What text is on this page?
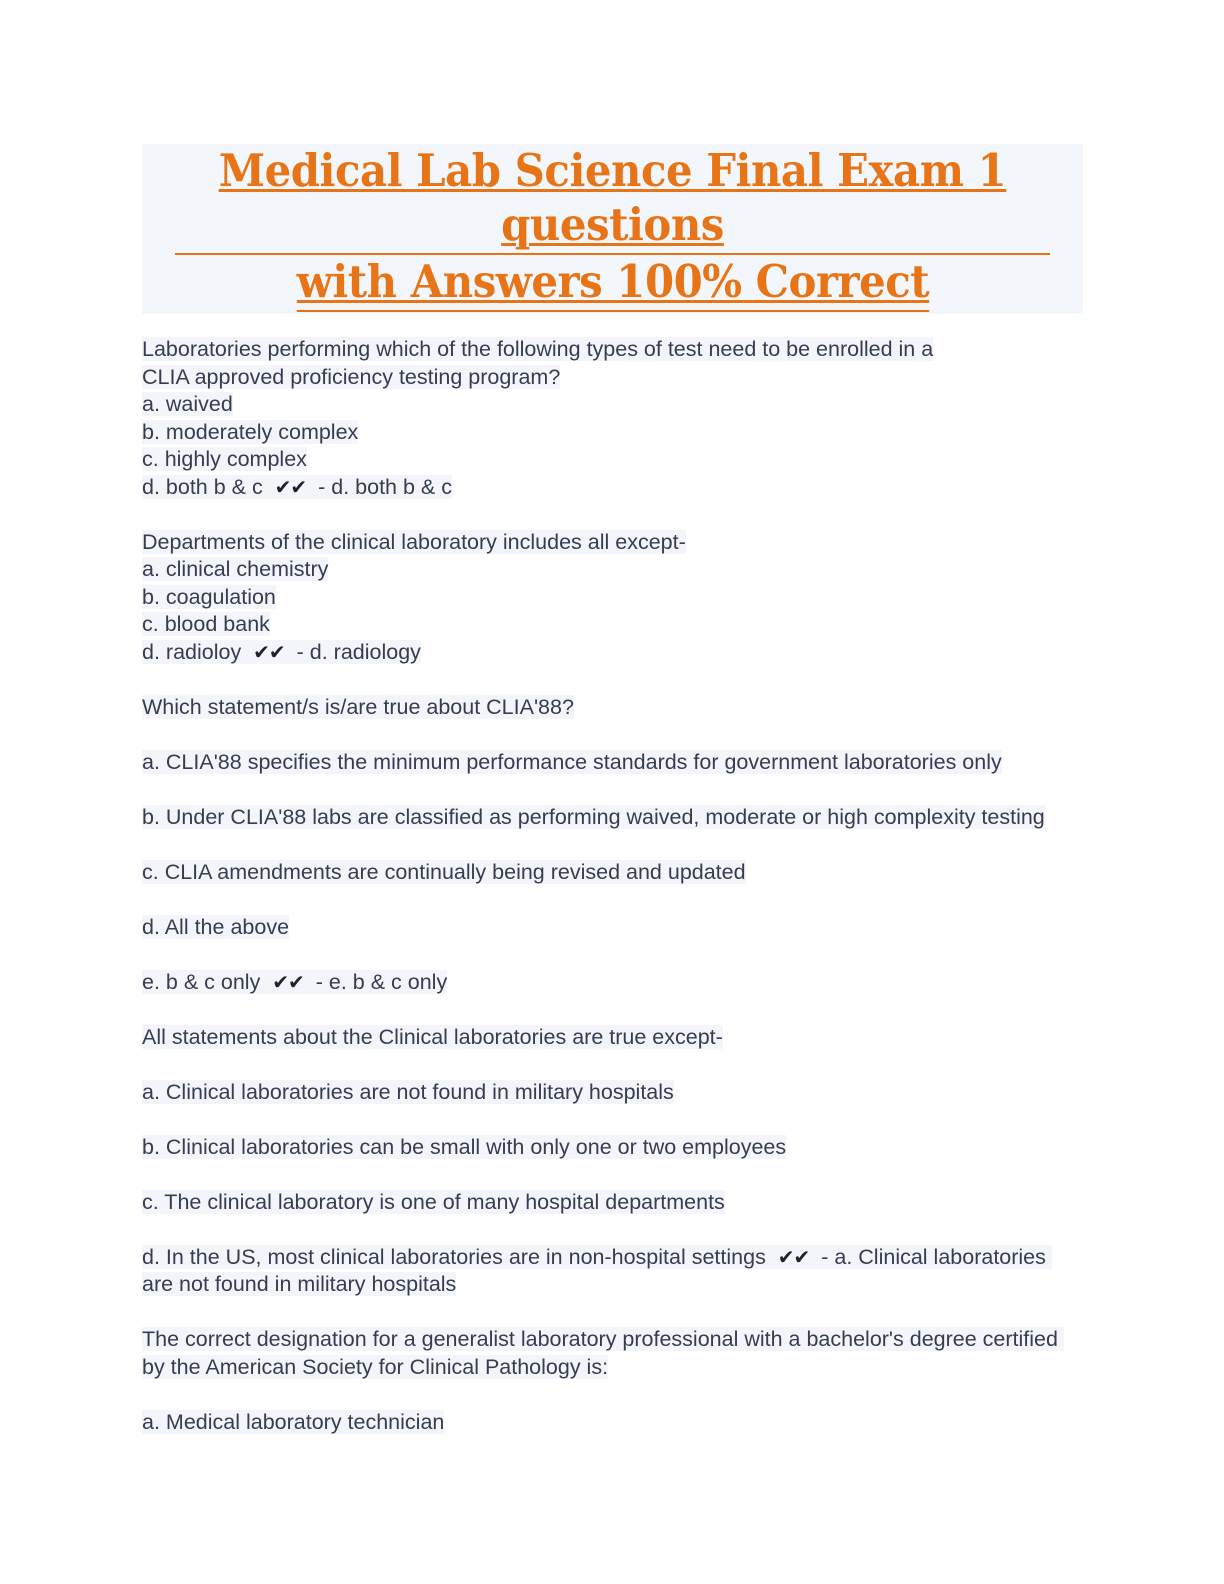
Medical Lab Science Final Exam 1 questions
with Answers 100% Correct
Laboratories performing which of the following types of test need to be enrolled in a
CLIA approved proficiency testing program?
a. waived
b. moderately complex
c. highly complex
d. both b & c ✔✔  - d. both b & c
Departments of the clinical laboratory includes all except-
a. clinical chemistry
b. coagulation
c. blood bank
d. radioloy ✔✔  - d. radiology
Which statement/s is/are true about CLIA'88?
a. CLIA'88 specifies the minimum performance standards for government laboratories only
b. Under CLIA'88 labs are classified as performing waived, moderate or high complexity testing
c. CLIA amendments are continually being revised and updated
d. All the above
e. b & c only ✔✔  - e. b & c only
All statements about the Clinical laboratories are true except-
a. Clinical laboratories are not found in military hospitals
b. Clinical laboratories can be small with only one or two employees
c. The clinical laboratory is one of many hospital departments
d. In the US, most clinical laboratories are in non-hospital settings ✔✔  - a. Clinical laboratories are not found in military hospitals
The correct designation for a generalist laboratory professional with a bachelor's degree certified by the American Society for Clinical Pathology is:
a. Medical laboratory technician
